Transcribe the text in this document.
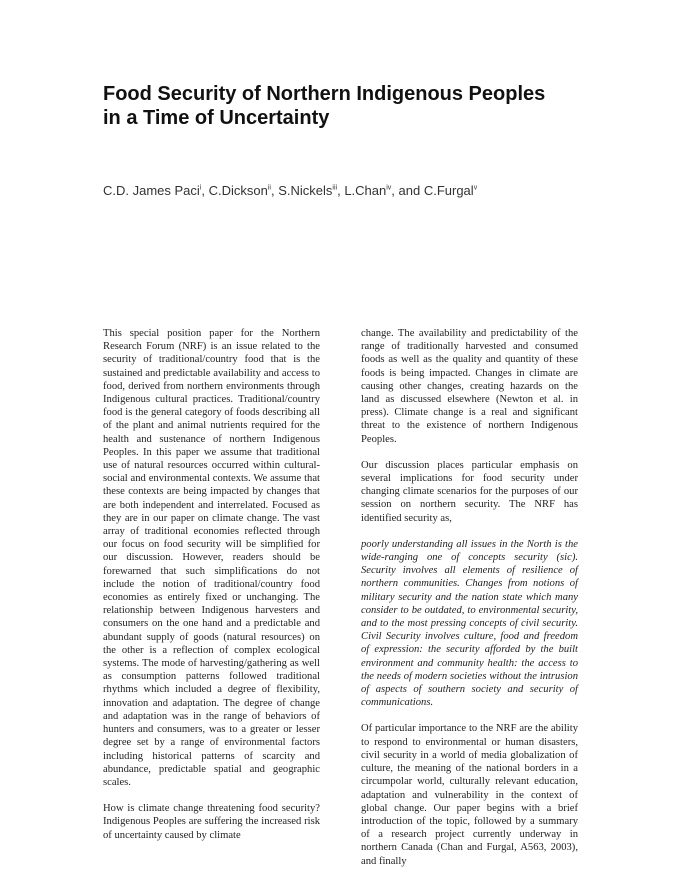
Food Security of Northern Indigenous Peoples
in a Time of Uncertainty
C.D. James Paci$^i$, C.Dickson$^{ii}$, S.Nickels$^{iii}$, L.Chan$^{iv}$, and C.Furgal$^v$

This special position paper for the Northern Research Forum (NRF) is an issue related to the security of traditional/country food that is the sustained and predictable availability and access to food, derived from northern environments through Indigenous cultural practices. Traditional/country food is the general category of foods describing all of the plant and animal nutrients required for the health and sustenance of northern Indigenous Peoples. In this paper we assume that traditional use of natural resources occurred within cultural-social and environmental contexts. We assume that these contexts are being impacted by changes that are both independent and interrelated. Focused as they are in our paper on climate change. The vast array of traditional economies reflected through our focus on food security will be simplified for our discussion. However, readers should be forewarned that such simplifications do not include the notion of traditional/country food economies as entirely fixed or unchanging. The relationship between Indigenous harvesters and consumers on the one hand and a predictable and abundant supply of goods (natural resources) on the other is a reflection of complex ecological systems. The mode of harvesting/gathering as well as consumption patterns followed traditional rhythms which included a degree of flexibility, innovation and adaptation. The degree of change and adaptation was in the range of behaviors of hunters and consumers, was to a greater or lesser degree set by a range of environmental factors including historical patterns of scarcity and abundance, predictable spatial and geographic scales.

How is climate change threatening food security? Indigenous Peoples are suffering the increased risk of uncertainty caused by climate

change. The availability and predictability of the range of traditionally harvested and consumed foods as well as the quality and quantity of these foods is being impacted. Changes in climate are causing other changes, creating hazards on the land as discussed elsewhere (Newton et al. in press). Climate change is a real and significant threat to the existence of northern Indigenous Peoples.

Our discussion places particular emphasis on several implications for food security under changing climate scenarios for the purposes of our session on northern security. The NRF has identified security as,

poorly understanding all issues in the North is the wide-ranging one of concepts security (sic). Security involves all elements of resilience of northern communities. Changes from notions of military security and the nation state which many consider to be outdated, to environmental security, and to the most pressing concepts of civil security. Civil Security involves culture, food and freedom of expression: the security afforded by the built environment and community health: the access to the needs of modern societies without the intrusion of aspects of southern society and security of communications.

Of particular importance to the NRF are the ability to respond to environmental or human disasters, civil security in a world of media globalization of culture, the meaning of the national borders in a circumpolar world, culturally relevant education, adaptation and vulnerability in the context of global change. Our paper begins with a brief introduction of the topic, followed by a summary of a research project currently underway in northern Canada (Chan and Furgal, A563, 2003), and finally
